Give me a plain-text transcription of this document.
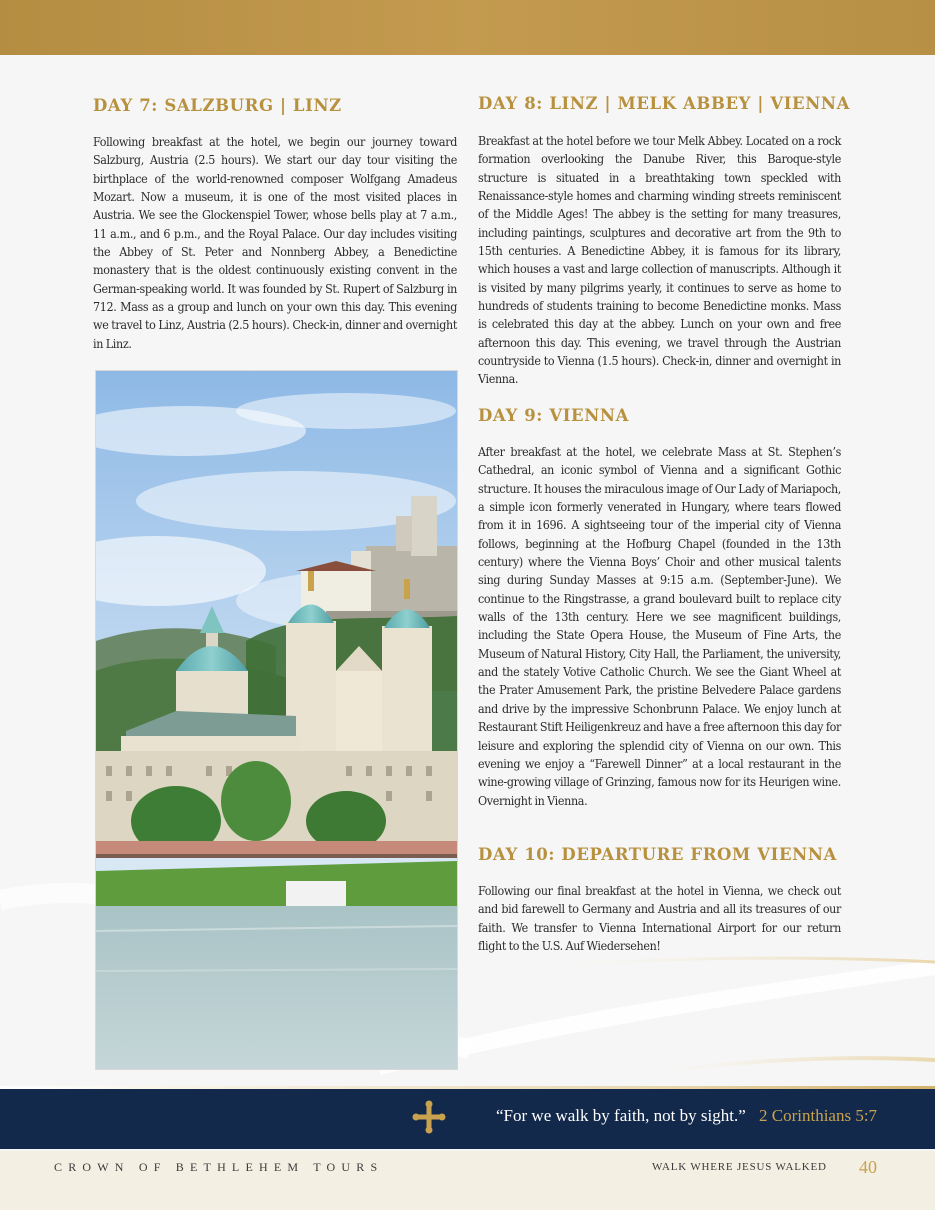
DAY 7: SALZBURG | LINZ

Following breakfast at the hotel, we begin our journey toward Salzburg, Austria (2.5 hours). We start our day tour visiting the birthplace of the world-renowned composer Wolfgang Amadeus Mozart. Now a museum, it is one of the most visited places in Austria. We see the Glockenspiel Tower, whose bells play at 7 a.m., 11 a.m., and 6 p.m., and the Royal Palace. Our day includes visiting the Abbey of St. Peter and Nonnberg Abbey, a Benedictine monastery that is the oldest continuously existing convent in the German-speaking world. It was founded by St. Rupert of Salzburg in 712. Mass as a group and lunch on your own this day. This evening we travel to Linz, Austria (2.5 hours). Check-in, dinner and overnight in Linz.

DAY 8: LINZ | MELK ABBEY | VIENNA

Breakfast at the hotel before we tour Melk Abbey. Located on a rock formation overlooking the Danube River, this Baroque-style structure is situated in a breathtaking town speckled with Renaissance-style homes and charming winding streets reminiscent of the Middle Ages! The abbey is the setting for many treasures, including paintings, sculptures and decorative art from the 9th to 15th centuries. A Benedictine Abbey, it is famous for its library, which houses a vast and large collection of manuscripts. Although it is visited by many pilgrims yearly, it continues to serve as home to hundreds of students training to become Benedictine monks. Mass is celebrated this day at the abbey. Lunch on your own and free afternoon this day. This evening, we travel through the Austrian countryside to Vienna (1.5 hours). Check-in, dinner and overnight in Vienna.

DAY 9: VIENNA

After breakfast at the hotel, we celebrate Mass at St. Stephen’s Cathedral, an iconic symbol of Vienna and a significant Gothic structure. It houses the miraculous image of Our Lady of Mariapoch, a simple icon formerly venerated in Hungary, where tears flowed from it in 1696. A sightseeing tour of the imperial city of Vienna follows, beginning at the Hofburg Chapel (founded in the 13th century) where the Vienna Boys’ Choir and other musical talents sing during Sunday Masses at 9:15 a.m. (September-June). We continue to the Ringstrasse, a grand boulevard built to replace city walls of the 13th century. Here we see magnificent buildings, including the State Opera House, the Museum of Fine Arts, the Museum of Natural History, City Hall, the Parliament, the university, and the stately Votive Catholic Church. We see the Giant Wheel at the Prater Amusement Park, the pristine Belvedere Palace gardens and drive by the impressive Schonbrunn Palace. We enjoy lunch at Restaurant Stift Heiligenkreuz and have a free afternoon this day for leisure and exploring the splendid city of Vienna on our own. This evening we enjoy a “Farewell Dinner” at a local restaurant in the wine-growing village of Grinzing, famous now for its Heurigen wine. Overnight in Vienna.

DAY 10: DEPARTURE FROM VIENNA

Following our final breakfast at the hotel in Vienna, we check out and bid farewell to Germany and Austria and all its treasures of our faith. We transfer to Vienna International Airport for our return flight to the U.S. Auf Wiedersehen!

“For we walk by faith, not by sight.” 2 Corinthians 5:7
CROWN OF BETHLEHEM TOURS	WALK WHERE JESUS WALKED 40
